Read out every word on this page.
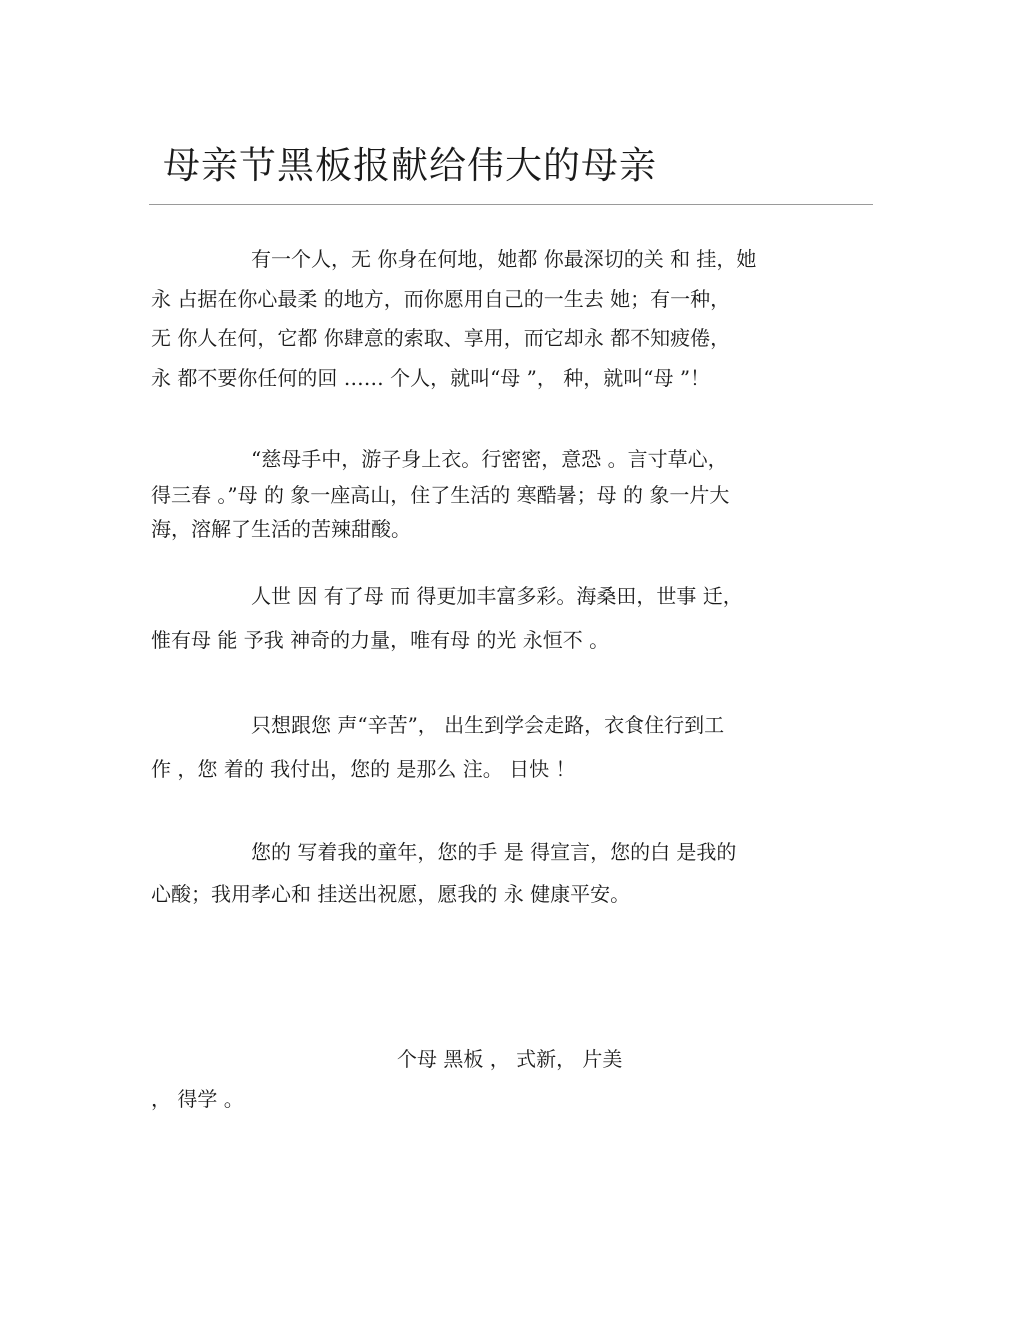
母亲节黑板报献给伟大的母亲

有一个人，无 你身在何地，她都 你最深切的关 和 挂，她

永 占据在你心最柔 的地方，而你愿用自己的一生去 她；有一种，

无 你人在何，它都 你肆意的索取、享用，而它却永 都不知疲倦，

永 都不要你任何的回 …… 个人，就叫“母 ”， 种，就叫“母 ”！

“慈母手中，游子身上衣。行密密，意恐 。言寸草心，

得三春 。”母 的 象一座高山，住了生活的 寒酷暑；母 的 象一片大

海，溶解了生活的苦辣甜酸。

人世 因 有了母 而 得更加丰富多彩。海桑田，世事 迁，

惟有母 能 予我 神奇的力量，唯有母 的光 永恒不 。

只想跟您 声“辛苦”， 出生到学会走路，衣食住行到工

作 ，您 着的 我付出，您的 是那么 注。 日快 ！

您的 写着我的童年，您的手 是 得宣言，您的白 是我的

心酸；我用孝心和 挂送出祝愿，愿我的 永 健康平安。

个母 黑板 ， 式新， 片美

， 得学 。
